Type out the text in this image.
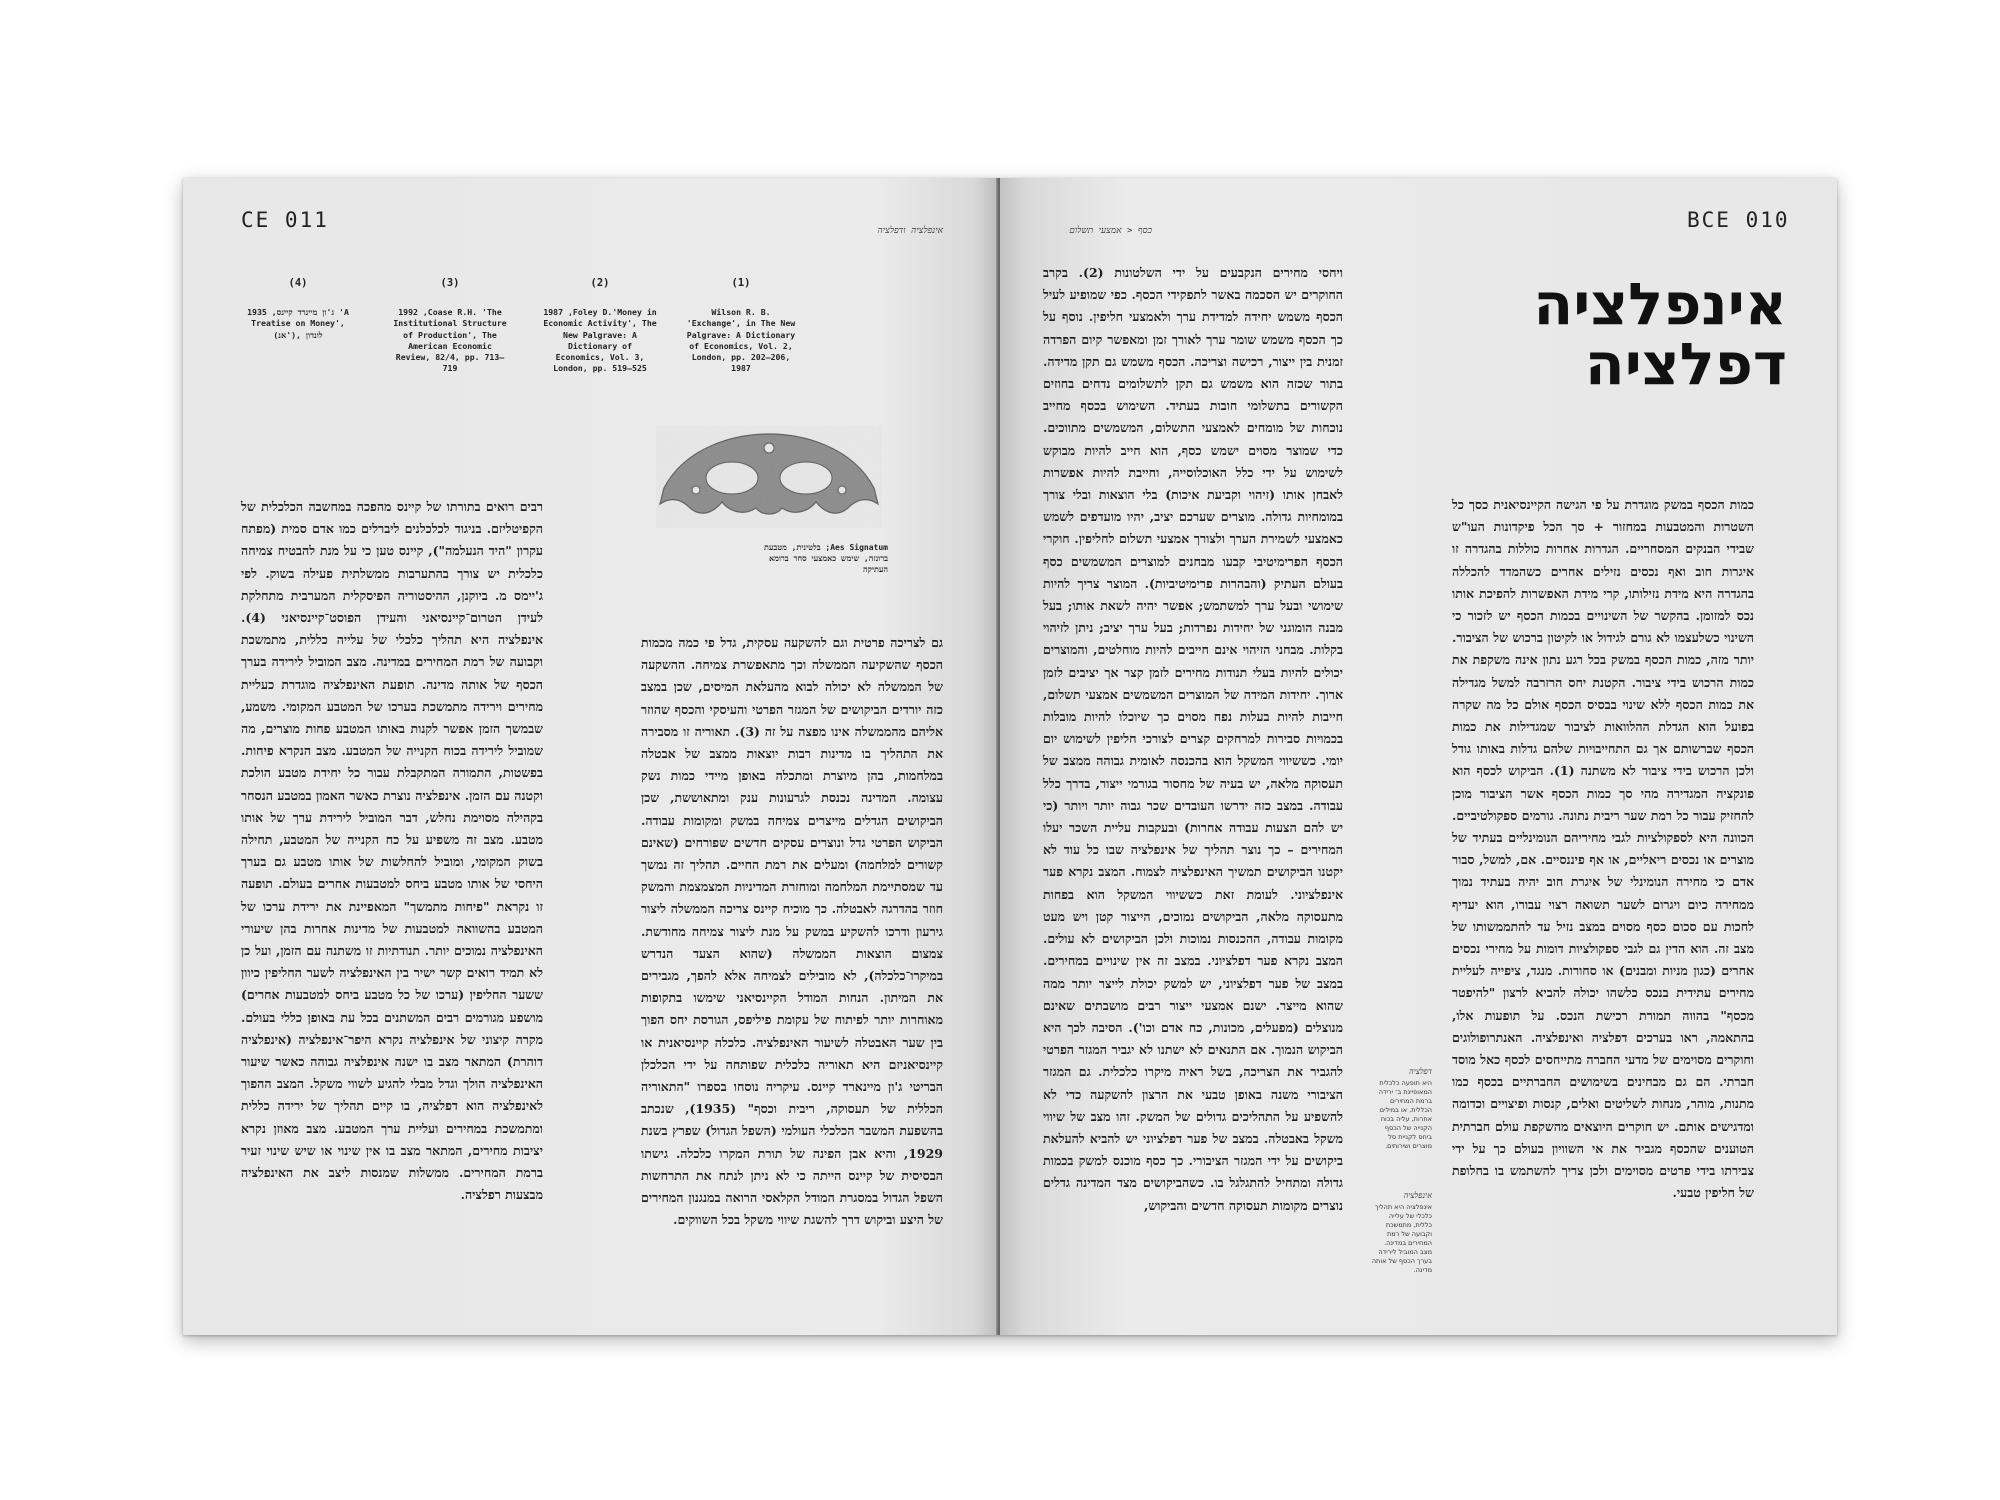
CE 011	אינפלציה ודפלציה
(1)
Wilson R. B. 'Exchange', in The New Palgrave: A Dictionary of Economics, Vol. 2, London, pp. 202–206, 1987
(2)
1987 ,Foley D.'Money in Economic Activity', The New Palgrave: A Dictionary of Economics, Vol. 3, London, pp. 519–525
(3)
1992 ,Coase R.H. 'The Institutional Structure of Production', The American Economic Review, 82/4, pp. 713–719
(4)
ג'ון מיינרד קיינס, 1935 'A Treatise on Money', (אנ'), לונדון
Aes Signatum; בלטינית, מטבעת ברונזה, שימש כאמצעי סחר ברומא העתיקה

רבים רואים בתורתו של קיינס מהפכה במחשבה הכלכלית של הקפיטליזם. בניגוד לכלכלנים ליברלים כמו אדם סמית (מפתח עקרון "היד הנעלמה"), קיינס טען כי על מנת להבטיח צמיחה כלכלית יש צורך בהתערבות ממשלתית פעילה בשוק. לפי ג'יימס מ. ביוקנן, ההיסטוריה הפיסקלית המערבית מתחלקת לעידן הטרום־קיינסיאני והעידן הפוסט־קיינסיאני (4). אינפלציה היא תהליך כלכלי של עלייה כללית, מתמשכת וקבועה של רמת המחירים במדינה. מצב המוביל לירידה בערך הכסף של אותה מדינה. תופעת האינפלציה מוגדרת כעליית מחירים וירידה מתמשכת בערכו של המטבע המקומי. משמע, שבמשך הזמן אפשר לקנות באותו המטבע פחות מוצרים, מה שמוביל לירידה בכוח הקנייה של המטבע. מצב הנקרא פיחות. בפשטות, התמורה המתקבלת עבור כל יחידת מטבע הולכת וקטנה עם הזמן. אינפלציה נוצרת כאשר האמון במטבע הנסחר בקהילה מסוימת נחלש, דבר המוביל לירידת ערך של אותו מטבע. מצב זה משפיע על כח הקנייה של המטבע, תחילה בשוק המקומי, ומוביל להחלשות של אותו מטבע גם בערך היחסי של אותו מטבע ביחס למטבעות אחרים בעולם. תופעה זו נקראת "פיחות מתמשך" המאפיינת את ירידת ערכו של המטבע בהשוואה למטבעות של מדינות אחרות בהן שיעורי האינפלציה נמוכים יותר. תנודתיות זו משתנה עם הזמן, ועל כן לא תמיד רואים קשר ישיר בין האינפלציה לשער החליפין כיוון ששער החליפין (ערכו של כל מטבע ביחס למטבעות אחרים) מושפע מגורמים רבים המשתנים בכל עת באופן כללי בעולם. מקרה קיצוני של אינפלציה נקרא היפר־אינפלציה (אינפלציה דוהרת) המתאר מצב בו ישנה אינפלציה גבוהה כאשר שיעור האינפלציה הולך וגדל מבלי להגיע לשווי משקל. המצב ההפוך לאינפלציה הוא דפלציה, בו קיים תהליך של ירידה כללית ומתמשכת במחירים ועליית ערך המטבע. מצב מאוזן נקרא יציבות מחירים, המתאר מצב בו אין שינוי או שיש שינוי זעיר ברמת המחירים. ממשלות שמנסות ליצב את האינפלציה מבצעות רפלציה.

גם לצריכה פרטית וגם להשקעה עסקית, גדל פי כמה מכמות הכסף שהשקיעה הממשלה וכך מתאפשרת צמיחה. ההשקעה של הממשלה לא יכולה לבוא מהעלאת המיסים, שכן במצב כזה יורדים הביקושים של המגזר הפרטי והעיסקי והכסף שהוזר אליהם מהממשלה אינו מפצה על זה (3). תאוריה זו מסבירה את התהליך בו מדינות רבות יוצאות ממצב של אבטלה במלחמות, בהן מיוצרת ומתכלה באופן מיידי כמות נשק עצומה. המדינה נכנסת לגרעונות ענק ומתאוששת, שכן הביקושים הגדלים מייצרים צמיחה במשק ומקומות עבודה. הביקוש הפרטי גדל ונוצרים עסקים חדשים שפורחים (שאינם קשורים למלחמה) ומעלים את רמת החיים. תהליך זה נמשך עד שמסתיימת המלחמה ומוחזרת המדיניות המצמצמת והמשק חוזר בהדרגה לאבטלה. כך מוכיח קיינס צריכה הממשלה ליצור גירעון ודרכו להשקיע במשק על מנת ליצור צמיחה מחודשת. צמצום הוצאות הממשלה (שהוא הצעד הנדרש במיקרו־כלכלה), לא מובילים לצמיחה אלא להפך, מגבירים את המיתון. הנחות המודל הקיינסיאני שימשו בתקופות מאוחרות יותר לפיתוח של עקומת פיליפס, הגורסת יחס הפוך בין שער האבטלה לשיעור האינפלציה. כלכלה קיינסיאנית או קיינסיאניזם היא תאוריה כלכלית שפותחה על ידי הכלכלן הבריטי ג'ון מיינארד קיינס. עיקריה נוסחו בספרו "התאוריה הכללית של תעסוקה, ריבית וכסף" (1935), שנכתב בהשפעת המשבר הכלכלי העולמי (השפל הגדול) שפרץ בשנת 1929, והיא אבן הפינה של תורת המקרו כלכלה. גישתו הבסיסית של קיינס הייתה כי לא ניתן לנתח את התרחשות השפל הגדול במסגרת המודל הקלאסי הרואה במנגנון המחירים של היצע וביקוש דרך להשגת שיווי משקל בכל השווקים.

BCE 010
כסף < אמצעי תשלום
אינפלציה
דפלציה

ויחסי מחירים הנקבעים על ידי השלטונות (2). בקרב החוקרים יש הסכמה באשר לתפקידי הכסף. כפי שמופיע לעיל הכסף משמש יחידה למדידת ערך ולאמצעי חליפין. נוסף על כך הכסף משמש שומר ערך לאורך זמן ומאפשר קיום הפרדה זמנית בין ייצור, רכישה וצריכה. הכסף משמש גם תקן מדידה. בתור שכזה הוא משמש גם תקן לתשלומים נדחים בחוזים הקשורים בתשלומי חובות בעתיד. השימוש בכסף מחייב נוכחות של מומחים לאמצעי התשלום, המשמשים מתווכים. כדי שמוצר מסוים ישמש כסף, הוא חייב להיות מבוקש לשימוש על ידי כלל האוכלוסייה, וחייבת להיות אפשרות לאבחן אותו (זיהוי וקביעת איכות) בלי הוצאות ובלי צורך במומחיות גדולה. מוצרים שערכם יציב, יהיו מועדפים לשמש כאמצעי לשמירת הערך ולצורך אמצעי תשלום לחליפין. חוקרי הכסף הפרימיטיבי קבעו מבחנים למוצרים המשמשים כסף בעולם העתיק (והבהרות פרימיטיביות). המוצר צריך להיות שימושי ובעל ערך למשתמש; אפשר יהיה לשאת אותו; בעל מבנה הומוגני של יחידות נפרדות; בעל ערך יציב; ניתן לזיהוי בקלות. מבחני הזיהוי אינם חייבים להיות מוחלטים, והמוצרים יכולים להיות בעלי תנודות מחירים לזמן קצר אך יציבים לזמן ארוך. יחידות המידה של המוצרים המשמשים אמצעי תשלום, חייבות להיות בעלות נפח מסוים כך שיוכלו להיות מובלות בכמויות סבירות למרחקים קצרים לצורכי חליפין לשימוש יום יומי. כששיווי המשקל הוא בהכנסה לאומית גבוהה ממצב של תעסוקה מלאה, יש בעיה של מחסור בגורמי ייצור, בדרך כלל עבודה. במצב כזה ידרשו העובדים שכר גבוה יותר ויותר (כי יש להם הצעות עבודה אחרות) ובעקבות עליית השכר יעלו המחירים – כך נוצר תהליך של אינפלציה שבו כל עוד לא יקטנו הביקושים תמשיך האינפלציה לצמוח. המצב נקרא פער אינפלציוני. לעומת זאת כששיווי המשקל הוא בפחות מתעסוקה מלאה, הביקושים נמוכים, הייצור קטן ויש מעט מקומות עבודה, ההכנסות נמוכות ולכן הביקושים לא עולים. המצב נקרא פער דפלציוני. במצב זה אין שינויים במחירים. במצב של פער דפלציוני, יש למשק יכולת לייצר יותר ממה שהוא מייצר. ישנם אמצעי ייצור רבים מושבתים שאינם מנוצלים (מפעלים, מכונות, כח אדם וכו'). הסיבה לכך היא הביקוש הנמוך. אם התנאים לא ישתנו לא יגביר המגזר הפרטי להגביר את הצריכה, בשל ראיה מיקרו כלכלית. גם המגזר הציבורי משנה באופן טבעי את הרצון להשקעה כדי לא להשפיע על התהליכים גדולים של המשק. זהו מצב של שיווי משקל באבטלה. במצב של פער דפלציוני יש להביא להעלאת ביקושים על ידי המגזר הציבורי. כך כסף מוכנס למשק בכמות גדולה ומתחיל להתגלגל בו. כשהביקושים מצד המדינה גדלים נוצרים מקומות תעסוקה חדשים והביקוש,

דפלציה
היא תופעה כלכלית המאופיינת ב־ ירידה ברמת המחירים הכללית, או במילים אחרות, עליה בכוח הקנייה של הכסף ביחס לקניית סל מוצרים ושירותים.
אינפלציה
אינפלציה היא תהליך כלכלי של עלייה כללית, מתמשכת וקבועה של רמת המחירים במדינה. מצב המוביל לירידה בערך הכסף של אותה מדינה.

כמות הכסף במשק מוגדרת על פי הגישה הקיינסיאנית כסך כל השטרות והמטבעות במחזור + סך הכל פיקדונות העו"ש שבידי הבנקים המסחריים. הגדרות אחרות כוללות בהגדרה זו איגרות חוב ואף נכסים נזילים אחרים כשהמדד להכללה בהגדרה היא מידת נזילותו, קרי מידת האפשרות להפיכת אותו נכס למזומן. בהקשר של השינויים בכמות הכסף יש לזכור כי השינוי כשלעצמו לא גורם לגידול או לקיטון ברכוש של הציבור. יותר מזה, כמות הכסף במשק בכל רגע נתון אינה משקפת את כמות הרכוש בידי ציבור. הקטנת יחס הרזרבה למשל מגדילה את כמות הכסף ללא שינוי בבסיס הכסף אולם כל מה שקרה בפועל הוא הגדלת ההלוואות לציבור שמגדילות את כמות הכסף שברשותם אך גם התחייבויות שלהם גדלות באותו גודל ולכן הרכוש בידי ציבור לא משתנה (1). הביקוש לכסף הוא פונקציה המגדירה מהי סך כמות הכסף אשר הציבור מוכן להחזיק עבור כל רמת שער ריבית נתונה. גורמים ספקולטיביים. הכוונה היא לספקולציות לגבי מחיריהם הנומינליים בעתיד של מוצרים או נכסים ריאליים, או אף פיננסיים. אם, למשל, סבור אדם כי מחירה הנומינלי של איגרת חוב יהיה בעתיד נמוך ממחירה כיום ויגרום לשער תשואה רצוי עבורו, הוא יעדיף לחכות עם סכום כסף מסוים במצב נזיל עד להתממשותו של מצב זה. הוא הדין גם לגבי ספקולציות דומות על מחירי נכסים אחרים (כגון מניות ומבנים) או סחורות. מנגד, ציפייה לעליית מחירים עתידית בנכס כלשהו יכולה להביא לרצון "להיפטר מכסף" בהווה תמורת רכישת הנכס. על תופעות אלו, בהתאמה, ראו בערכים דפלציה ואינפלציה. האנתרופולוגים וחוקרים מסוימים של מדעי החברה מתייחסים לכסף כאל מוסד חברתי. הם גם מבחינים בשימושים החברתיים בכסף כמו מתנות, מוהר, מנחות לשליטים ואלים, קנסות ופיצויים וכדומה ומדגישים אותם. יש חוקרים היוצאים מהשקפת עולם חברתית הטוענים שהכסף מגביר את אי השוויון בעולם כך על ידי צבירתו בידי פרטים מסוימים ולכן צריך להשתמש בו בחלופת של חליפין טבעי.
